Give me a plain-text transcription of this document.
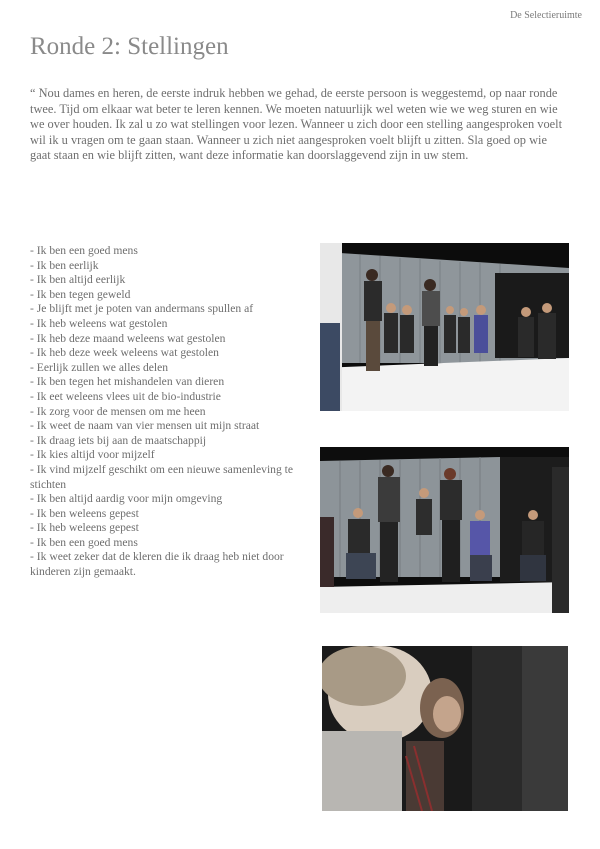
De Selectieruimte
Ronde 2: Stellingen

“ Nou dames en heren, de eerste indruk hebben we gehad, de eerste persoon is weggestemd, op naar ronde twee. Tijd om elkaar wat beter te leren kennen. We moeten natuurlijk wel weten wie we weg sturen en wie we over houden. Ik zal u zo wat stellingen voor lezen. Wanneer u zich door een stelling aangesproken voelt wil ik u vragen om te gaan staan. Wanneer u zich niet aangesproken voelt blijft u zitten. Sla goed op wie gaat staan en wie blijft zitten, want deze informatie kan doorslaggevend zijn in uw stem.

- Ik ben een goed mens
- Ik ben eerlijk
- Ik ben altijd eerlijk
- Ik ben tegen geweld
- Je blijft met je poten van andermans spullen af
- Ik heb weleens wat gestolen
- Ik heb deze maand weleens wat gestolen
- Ik heb deze week weleens wat gestolen
- Eerlijk zullen we alles delen
- Ik ben tegen het mishandelen van dieren
- Ik eet weleens vlees uit de bio-industrie
- Ik zorg voor de mensen om me heen
- Ik weet de naam van vier mensen uit mijn straat
- Ik draag iets bij aan de maatschappij
- Ik kies altijd voor mijzelf
- Ik vind mijzelf geschikt om een nieuwe samenleving te stichten
- Ik ben altijd aardig voor mijn omgeving
- Ik ben weleens gepest
- Ik heb weleens gepest
- Ik ben een goed mens
- Ik weet zeker dat de kleren die ik draag heb niet door kinderen zijn gemaakt.
